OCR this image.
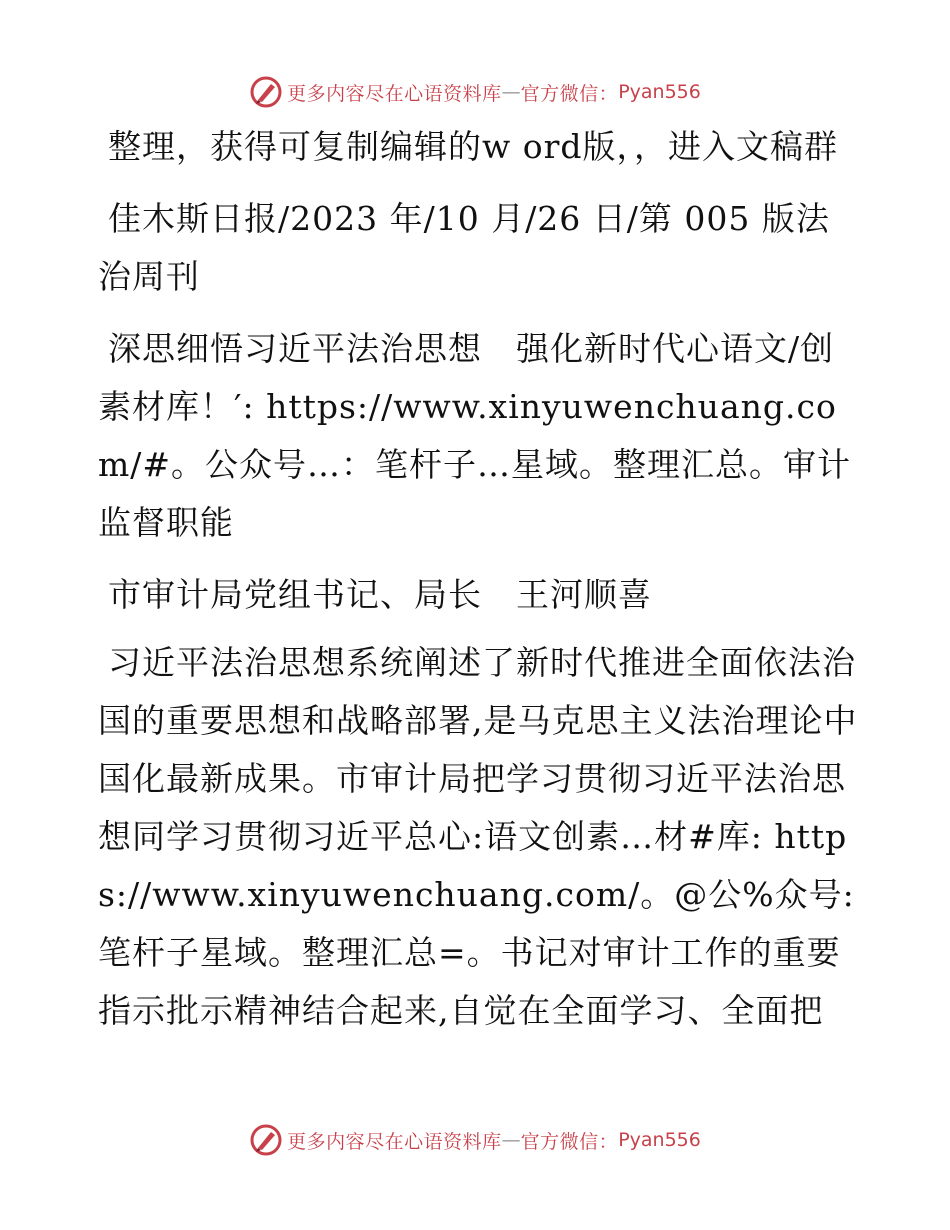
更多内容尽在心语资料库 — 官方微信： Pyan556

整理，获得可复制编辑的w ord版，，进入文稿群

佳木斯日报/2023 年/10 月/26 日/第 005 版法治周刊

深思细悟习近平法治思想　强化新时代心语文/创素材库！′: https://www.xinyuwenchuang.com/#。公众号…：笔杆子…星域。整理汇总。审计监督职能

市审计局党组书记、局长　王河顺喜

习近平法治思想系统阐述了新时代推进全面依法治国的重要思想和战略部署,是马克思主义法治理论中国化最新成果。市审计局把学习贯彻习近平法治思想同学习贯彻习近平总心:语文创素…材#库: https://www.xinyuwenchuang.com/。@公%众号:笔杆子星域。整理汇总=。书记对审计工作的重要指示批示精神结合起来,自觉在全面学习、全面把

更多内容尽在心语资料库 — 官方微信： Pyan556
